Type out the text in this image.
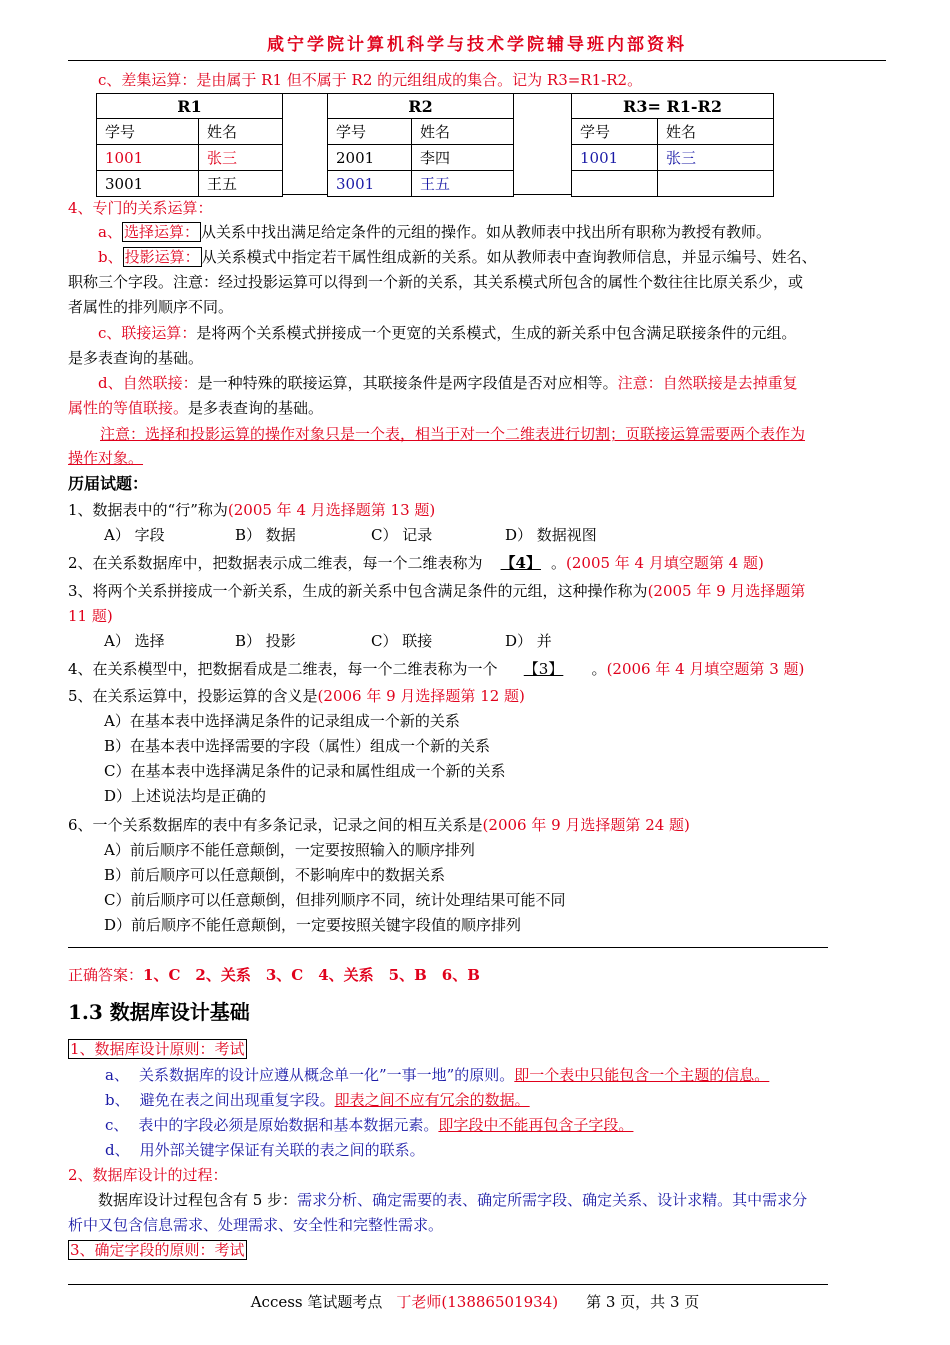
咸宁学院计算机科学与技术学院辅导班内部资料
c、差集运算：是由属于 R1 但不属于 R2 的元组组成的集合。记为 R3=R1-R2。
R1	
学号	姓名
1001	张三
3001	王五
R2	
学号	姓名
2001	李四
3001	王五
R3= R1-R2	
学号	姓名
1001	张三

4、专门的关系运算：
a、 选择运算： 从关系中找出满足给定条件的元组的操作。如从教师表中找出所有职称为教授有教师。
b、 投影运算： 从关系模式中指定若干属性组成新的关系。如从教师表中查询教师信息，并显示编号、姓名、
职称三个字段。注意：经过投影运算可以得到一个新的关系，其关系模式所包含的属性个数往往比原关系少，或
者属性的排列顺序不同。
c、联接运算：是将两个关系模式拼接成一个更宽的关系模式，生成的新关系中包含满足联接条件的元组。
是多表查询的基础。
d、自然联接：是一种特殊的联接运算，其联接条件是两字段值是否对应相等。注意：自然联接是去掉重复
属性的等值联接。是多表查询的基础。
注意：选择和投影运算的操作对象只是一个表，相当于对一个二维表进行切割；页联接运算需要两个表作为
操作对象。
历届试题：
1、数据表中的“行”称为(2005 年 4 月选择题第 13 题)
A） 字段	B） 数据	C） 记录	D） 数据视图
2、在关系数据库中，把数据表示成二维表，每一个二维表称为 【4】 。(2005 年 4 月填空题第 4 题)
3、将两个关系拼接成一个新关系，生成的新关系中包含满足条件的元组，这种操作称为(2005 年 9 月选择题第
11 题)
A） 选择	B） 投影	C） 联接	D） 并
4、在关系模型中，把数据看成是二维表，每一个二维表称为一个 【3】 。(2006 年 4 月填空题第 3 题)
5、在关系运算中，投影运算的含义是(2006 年 9 月选择题第 12 题)
A）在基本表中选择满足条件的记录组成一个新的关系
B）在基本表中选择需要的字段（属性）组成一个新的关系
C）在基本表中选择满足条件的记录和属性组成一个新的关系
D）上述说法均是正确的
6、一个关系数据库的表中有多条记录，记录之间的相互关系是(2006 年 9 月选择题第 24 题)
A）前后顺序不能任意颠倒，一定要按照输入的顺序排列
B）前后顺序可以任意颠倒，不影响库中的数据关系
C）前后顺序可以任意颠倒，但排列顺序不同，统计处理结果可能不同
D）前后顺序不能任意颠倒，一定要按照关键字段值的顺序排列
正确答案：1、C　2、关系　3、C　4、关系　5、B　6、B
1.3 数据库设计基础
1、数据库设计原则：考试
a、 关系数据库的设计应遵从概念单一化”一事一地”的原则。即一个表中只能包含一个主题的信息。
b、 避免在表之间出现重复字段。即表之间不应有冗余的数据。
c、 表中的字段必须是原始数据和基本数据元素。即字段中不能再包含子字段。
d、 用外部关键字保证有关联的表之间的联系。
2、数据库设计的过程：
数据库设计过程包含有 5 步：需求分析、确定需要的表、确定所需字段、确定关系、设计求精。其中需求分
析中又包含信息需求、处理需求、安全性和完整性需求。
3、确定字段的原则：考试
Access 笔试题考点 丁老师(13886501934) 第 3 页，共 3 页
